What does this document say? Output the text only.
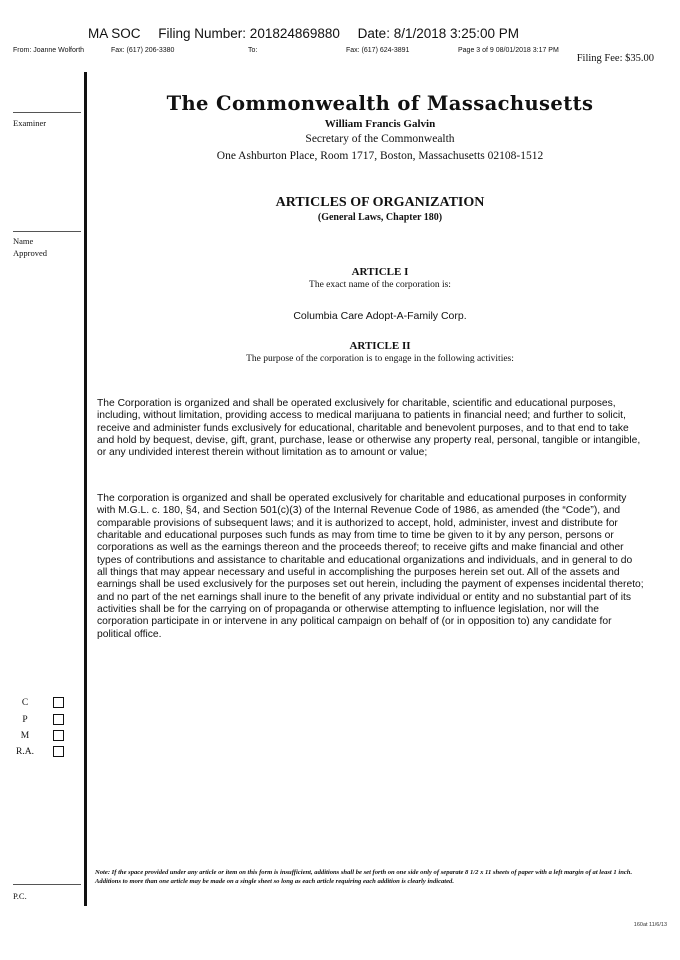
MA SOC Filing Number: 201824869880 Date: 8/1/2018 3:25:00 PM
From: Joanne Wolforth	Fax: (617) 206-3380	To:	Fax: (617) 624-3891	Page 3 of 9 08/01/2018 3:17 PM
Filing Fee: $35.00
Examiner
Name
Approved
C
P
M
R.A.
P.C.
The Commonwealth of Massachusetts
William Francis Galvin
Secretary of the Commonwealth
One Ashburton Place, Room 1717, Boston, Massachusetts 02108-1512
ARTICLES OF ORGANIZATION
(General Laws, Chapter 180)
ARTICLE I
The exact name of the corporation is:
Columbia Care Adopt-A-Family Corp.
ARTICLE II
The purpose of the corporation is to engage in the following activities:

The Corporation is organized and shall be operated exclusively for charitable, scientific and educational purposes, including, without limitation, providing access to medical marijuana to patients in financial need; and further to solicit, receive and administer funds exclusively for educational, charitable and benevolent purposes, and to that end to take and hold by bequest, devise, gift, grant, purchase, lease or otherwise any property real, personal, tangible or intangible, or any undivided interest therein without limitation as to amount or value;

The corporation is organized and shall be operated exclusively for charitable and educational purposes in conformity with M.G.L. c. 180, §4, and Section 501(c)(3) of the Internal Revenue Code of 1986, as amended (the “Code”), and comparable provisions of subsequent laws; and it is authorized to accept, hold, administer, invest and distribute for charitable and educational purposes such funds as may from time to time be given to it by any person, persons or corporations as well as the earnings thereon and the proceeds thereof; to receive gifts and make financial and other types of contributions and assistance to charitable and educational organizations and individuals, and in general to do all things that may appear necessary and useful in accomplishing the purposes herein set out. All of the assets and earnings shall be used exclusively for the purposes set out herein, including the payment of expenses incidental thereto; and no part of the net earnings shall inure to the benefit of any private individual or entity and no substantial part of its activities shall be for the carrying on of propaganda or otherwise attempting to influence legislation, nor will the corporation participate in or intervene in any political campaign on behalf of (or in opposition to) any candidate for political office.

Note: If the space provided under any article or item on this form is insufficient, additions shall be set forth on one side only of separate 8 1/2 x 11 sheets of paper with a left margin of at least 1 inch. Additions to more than one article may be made on a single sheet so long as each article requiring each addition is clearly indicated.
160at 11/6/13
